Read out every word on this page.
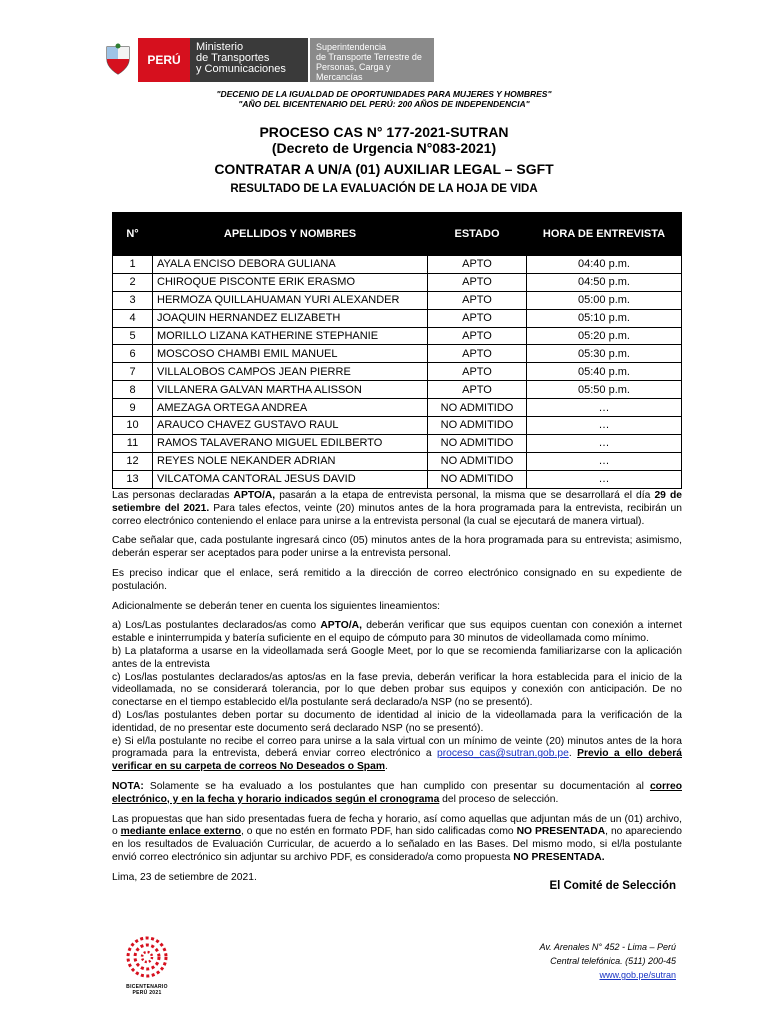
PERÚ
Ministerio
de Transportes
y Comunicaciones
Superintendencia
de Transporte Terrestre de
Personas, Carga y Mercancías
"DECENIO DE LA IGUALDAD DE OPORTUNIDADES PARA MUJERES Y HOMBRES"
"AÑO DEL BICENTENARIO DEL PERÚ: 200 AÑOS DE INDEPENDENCIA"
PROCESO CAS N° 177-2021-SUTRAN
(Decreto de Urgencia N°083-2021)
CONTRATAR A UN/A (01) AUXILIAR LEGAL – SGFT
RESULTADO DE LA EVALUACIÓN DE LA HOJA DE VIDA
N°	APELLIDOS Y NOMBRES	ESTADO	HORA DE ENTREVISTA
1	AYALA ENCISO DEBORA GULIANA	APTO	04:40 p.m.
2	CHIROQUE PISCONTE ERIK ERASMO	APTO	04:50 p.m.
3	HERMOZA QUILLAHUAMAN YURI ALEXANDER	APTO	05:00 p.m.
4	JOAQUIN HERNANDEZ ELIZABETH	APTO	05:10 p.m.
5	MORILLO LIZANA KATHERINE STEPHANIE	APTO	05:20 p.m.
6	MOSCOSO CHAMBI EMIL MANUEL	APTO	05:30 p.m.
7	VILLALOBOS CAMPOS JEAN PIERRE	APTO	05:40 p.m.
8	VILLANERA GALVAN MARTHA ALISSON	APTO	05:50 p.m.
9	AMEZAGA ORTEGA ANDREA	NO ADMITIDO	…
10	ARAUCO CHAVEZ GUSTAVO RAUL	NO ADMITIDO	…
11	RAMOS TALAVERANO MIGUEL EDILBERTO	NO ADMITIDO	…
12	REYES NOLE NEKANDER ADRIAN	NO ADMITIDO	…
13	VILCATOMA CANTORAL JESUS DAVID	NO ADMITIDO	…

Las personas declaradas APTO/A, pasarán a la etapa de entrevista personal, la misma que se desarrollará el día 29 de setiembre del 2021. Para tales efectos, veinte (20) minutos antes de la hora programada para la entrevista, recibirán un correo electrónico conteniendo el enlace para unirse a la entrevista personal (la cual se ejecutará de manera virtual).

Cabe señalar que, cada postulante ingresará cinco (05) minutos antes de la hora programada para su entrevista; asimismo, deberán esperar ser aceptados para poder unirse a la entrevista personal.

Es preciso indicar que el enlace, será remitido a la dirección de correo electrónico consignado en su expediente de postulación.

Adicionalmente se deberán tener en cuenta los siguientes lineamientos:

a) Los/Las postulantes declarados/as como APTO/A, deberán verificar que sus equipos cuentan con conexión a internet estable e ininterrumpida y batería suficiente en el equipo de cómputo para 30 minutos de videollamada como mínimo.
b) La plataforma a usarse en la videollamada será Google Meet, por lo que se recomienda familiarizarse con la aplicación antes de la entrevista
c) Los/las postulantes declarados/as aptos/as en la fase previa, deberán verificar la hora establecida para el inicio de la videollamada, no se considerará tolerancia, por lo que deben probar sus equipos y conexión con anticipación. De no conectarse en el tiempo establecido el/la postulante será declarado/a NSP (no se presentó).
d) Los/las postulantes deben portar su documento de identidad al inicio de la videollamada para la verificación de la identidad, de no presentar este documento será declarado NSP (no se presentó).

e) Si el/la postulante no recibe el correo para unirse a la sala virtual con un mínimo de veinte (20) minutos antes de la hora programada para la entrevista, deberá enviar correo electrónico a proceso_cas@sutran.gob.pe. Previo a ello deberá verificar en su carpeta de correos No Deseados o Spam.

NOTA: Solamente se ha evaluado a los postulantes que han cumplido con presentar su documentación al correo electrónico, y en la fecha y horario indicados según el cronograma del proceso de selección.

Las propuestas que han sido presentadas fuera de fecha y horario, así como aquellas que adjuntan más de un (01) archivo, o mediante enlace externo, o que no estén en formato PDF, han sido calificadas como NO PRESENTADA, no apareciendo en los resultados de Evaluación Curricular, de acuerdo a lo señalado en las Bases. Del mismo modo, si el/la postulante envió correo electrónico sin adjuntar su archivo PDF, es considerado/a como propuesta NO PRESENTADA.

Lima, 23 de setiembre de 2021.

El Comité de Selección
BICENTENARIO
PERÚ 2021
Av. Arenales N° 452 - Lima – Perú
Central telefónica. (511) 200-45
www.gob.pe/sutran
